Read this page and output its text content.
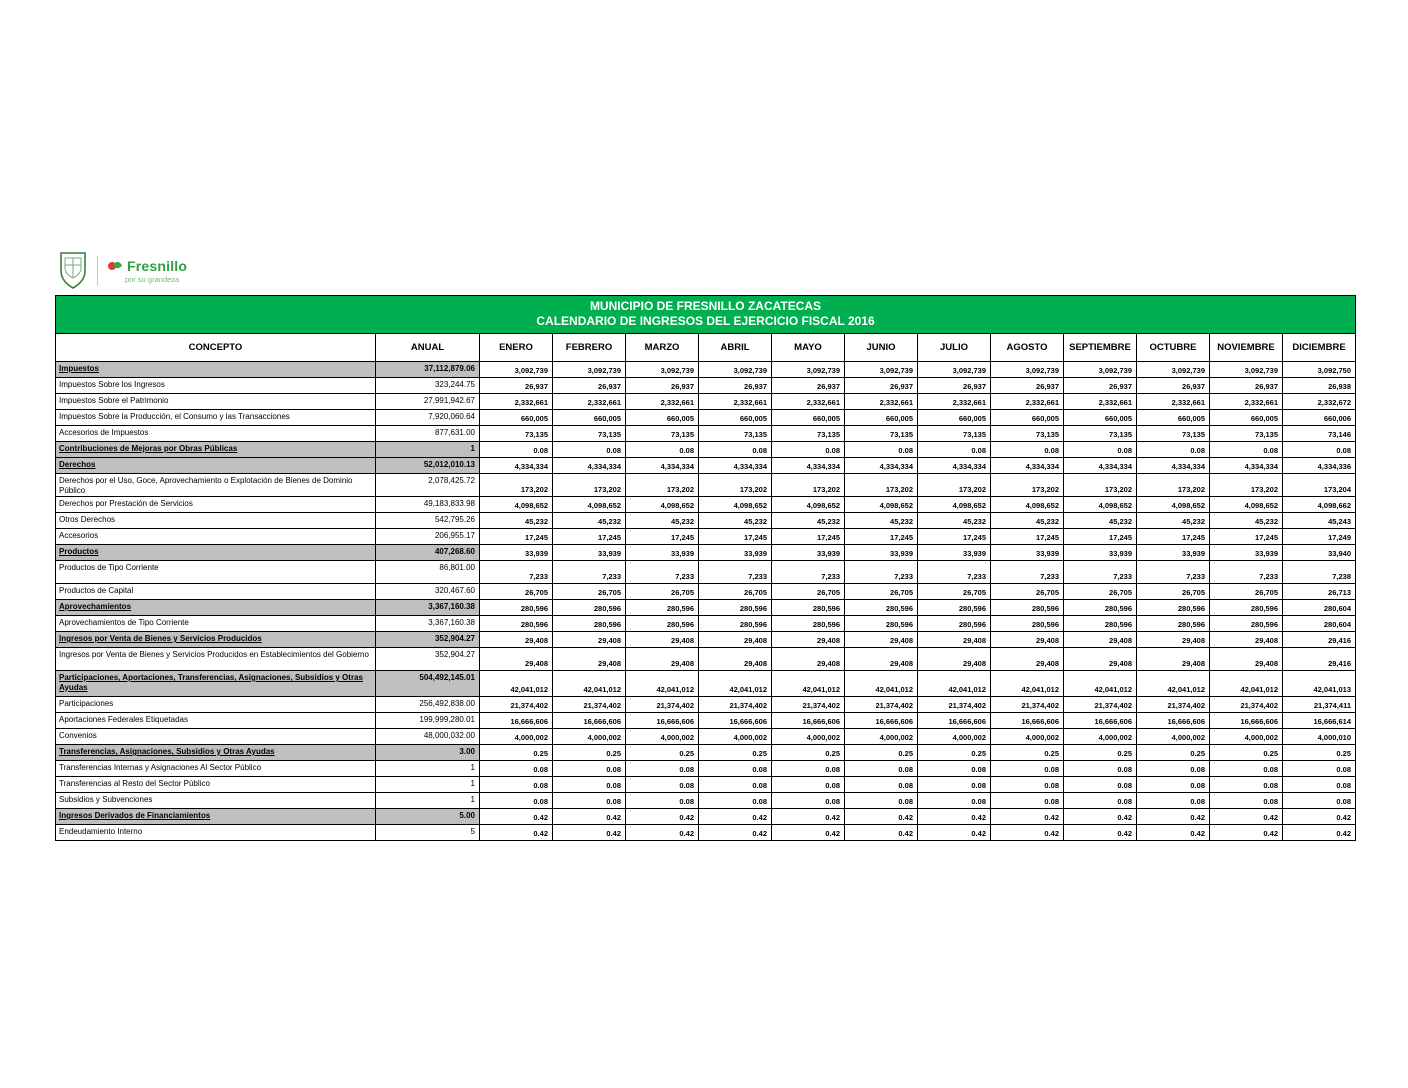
Fresnillo
por su grandeza
MUNICIPIO DE FRESNILLO ZACATECAS
CALENDARIO DE INGRESOS DEL EJERCICIO FISCAL 2016													

CONCEPTO	ANUAL	ENERO	FEBRERO	MARZO	ABRIL	MAYO	JUNIO	JULIO	AGOSTO	SEPTIEMBRE	OCTUBRE	NOVIEMBRE	DICIEMBRE
Impuestos	37,112,879.06	3,092,739	3,092,739	3,092,739	3,092,739	3,092,739	3,092,739	3,092,739	3,092,739	3,092,739	3,092,739	3,092,739	3,092,750
Impuestos Sobre los Ingresos	323,244.75	26,937	26,937	26,937	26,937	26,937	26,937	26,937	26,937	26,937	26,937	26,937	26,938
Impuestos Sobre el Patrimonio	27,991,942.67	2,332,661	2,332,661	2,332,661	2,332,661	2,332,661	2,332,661	2,332,661	2,332,661	2,332,661	2,332,661	2,332,661	2,332,672
Impuestos Sobre la Producción, el Consumo y las Transacciones	7,920,060.64	660,005	660,005	660,005	660,005	660,005	660,005	660,005	660,005	660,005	660,005	660,005	660,006
Accesorios de Impuestos	877,631.00	73,135	73,135	73,135	73,135	73,135	73,135	73,135	73,135	73,135	73,135	73,135	73,146
Contribuciones de Mejoras por Obras Públicas	1	0.08	0.08	0.08	0.08	0.08	0.08	0.08	0.08	0.08	0.08	0.08	0.08
Derechos	52,012,010.13	4,334,334	4,334,334	4,334,334	4,334,334	4,334,334	4,334,334	4,334,334	4,334,334	4,334,334	4,334,334	4,334,334	4,334,336
Derechos por el Uso, Goce, Aprovechamiento o Explotación de Bienes de Dominio Público	2,078,425.72	173,202	173,202	173,202	173,202	173,202	173,202	173,202	173,202	173,202	173,202	173,202	173,204
Derechos por Prestación de Servicios	49,183,833.98	4,098,652	4,098,652	4,098,652	4,098,652	4,098,652	4,098,652	4,098,652	4,098,652	4,098,652	4,098,652	4,098,652	4,098,662
Otros Derechos	542,795.26	45,232	45,232	45,232	45,232	45,232	45,232	45,232	45,232	45,232	45,232	45,232	45,243
Accesorios	206,955.17	17,245	17,245	17,245	17,245	17,245	17,245	17,245	17,245	17,245	17,245	17,245	17,249
Productos	407,268.60	33,939	33,939	33,939	33,939	33,939	33,939	33,939	33,939	33,939	33,939	33,939	33,940
Productos de Tipo Corriente	86,801.00	7,233	7,233	7,233	7,233	7,233	7,233	7,233	7,233	7,233	7,233	7,233	7,238
Productos de Capital	320,467.60	26,705	26,705	26,705	26,705	26,705	26,705	26,705	26,705	26,705	26,705	26,705	26,713
Aprovechamientos	3,367,160.38	280,596	280,596	280,596	280,596	280,596	280,596	280,596	280,596	280,596	280,596	280,596	280,604
Aprovechamientos de Tipo Corriente	3,367,160.38	280,596	280,596	280,596	280,596	280,596	280,596	280,596	280,596	280,596	280,596	280,596	280,604
Ingresos por Venta de Bienes y Servicios Producidos	352,904.27	29,408	29,408	29,408	29,408	29,408	29,408	29,408	29,408	29,408	29,408	29,408	29,416
Ingresos por Venta de Bienes y Servicios Producidos en Establecimientos del Gobierno	352,904.27	29,408	29,408	29,408	29,408	29,408	29,408	29,408	29,408	29,408	29,408	29,408	29,416
Participaciones, Aportaciones, Transferencias, Asignaciones, Subsidios y Otras Ayudas	504,492,145.01	42,041,012	42,041,012	42,041,012	42,041,012	42,041,012	42,041,012	42,041,012	42,041,012	42,041,012	42,041,012	42,041,012	42,041,013
Participaciones	256,492,838.00	21,374,402	21,374,402	21,374,402	21,374,402	21,374,402	21,374,402	21,374,402	21,374,402	21,374,402	21,374,402	21,374,402	21,374,411
Aportaciones Federales Etiquetadas	199,999,280.01	16,666,606	16,666,606	16,666,606	16,666,606	16,666,606	16,666,606	16,666,606	16,666,606	16,666,606	16,666,606	16,666,606	16,666,614
Convenios	48,000,032.00	4,000,002	4,000,002	4,000,002	4,000,002	4,000,002	4,000,002	4,000,002	4,000,002	4,000,002	4,000,002	4,000,002	4,000,010
Transferencias, Asignaciones, Subsidios y Otras Ayudas	3.00	0.25	0.25	0.25	0.25	0.25	0.25	0.25	0.25	0.25	0.25	0.25	0.25
Transferencias Internas y Asignaciones Al Sector Público	1	0.08	0.08	0.08	0.08	0.08	0.08	0.08	0.08	0.08	0.08	0.08	0.08
Transferencias al Resto del Sector Público	1	0.08	0.08	0.08	0.08	0.08	0.08	0.08	0.08	0.08	0.08	0.08	0.08
Subsidios y Subvenciones	1	0.08	0.08	0.08	0.08	0.08	0.08	0.08	0.08	0.08	0.08	0.08	0.08
Ingresos Derivados de Financiamientos	5.00	0.42	0.42	0.42	0.42	0.42	0.42	0.42	0.42	0.42	0.42	0.42	0.42
Endeudamiento Interno	5	0.42	0.42	0.42	0.42	0.42	0.42	0.42	0.42	0.42	0.42	0.42	0.42
